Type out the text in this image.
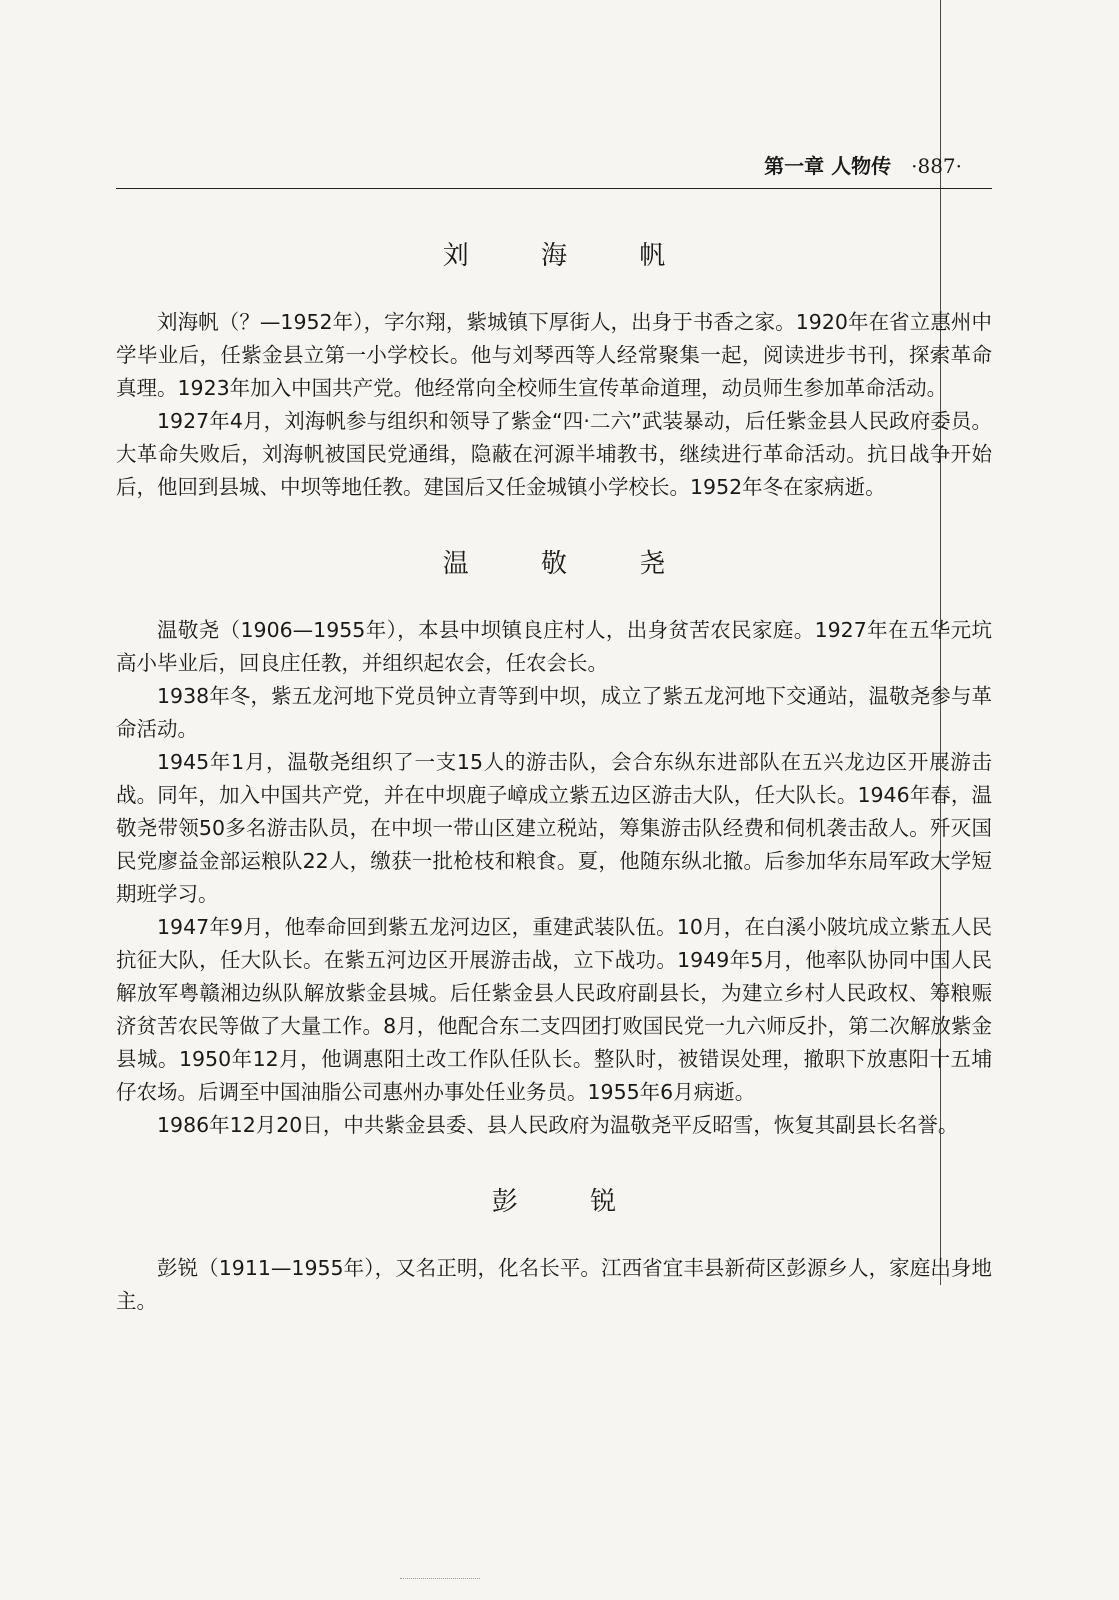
第一章 人物传 ·887·
刘 海 帆

刘海帆（？—1952年），字尔翔，紫城镇下厚街人，出身于书香之家。1920年在省立惠州中学毕业后，任紫金县立第一小学校长。他与刘琴西等人经常聚集一起，阅读进步书刊，探索革命真理。1923年加入中国共产党。他经常向全校师生宣传革命道理，动员师生参加革命活动。

1927年4月，刘海帆参与组织和领导了紫金“四·二六”武装暴动，后任紫金县人民政府委员。大革命失败后，刘海帆被国民党通缉，隐蔽在河源半埔教书，继续进行革命活动。抗日战争开始后，他回到县城、中坝等地任教。建国后又任金城镇小学校长。1952年冬在家病逝。

温 敬 尧

温敬尧（1906—1955年），本县中坝镇良庄村人，出身贫苦农民家庭。1927年在五华元坑高小毕业后，回良庄任教，并组织起农会，任农会长。

1938年冬，紫五龙河地下党员钟立青等到中坝，成立了紫五龙河地下交通站，温敬尧参与革命活动。

1945年1月，温敬尧组织了一支15人的游击队，会合东纵东进部队在五兴龙边区开展游击战。同年，加入中国共产党，并在中坝鹿子嶂成立紫五边区游击大队，任大队长。1946年春，温敬尧带领50多名游击队员，在中坝一带山区建立税站，筹集游击队经费和伺机袭击敌人。歼灭国民党廖益金部运粮队22人，缴获一批枪枝和粮食。夏，他随东纵北撤。后参加华东局军政大学短期班学习。

1947年9月，他奉命回到紫五龙河边区，重建武装队伍。10月，在白溪小陂坑成立紫五人民抗征大队，任大队长。在紫五河边区开展游击战，立下战功。1949年5月，他率队协同中国人民解放军粤赣湘边纵队解放紫金县城。后任紫金县人民政府副县长，为建立乡村人民政权、筹粮赈济贫苦农民等做了大量工作。8月，他配合东二支四团打败国民党一九六师反扑，第二次解放紫金县城。1950年12月，他调惠阳土改工作队任队长。整队时，被错误处理，撤职下放惠阳十五埔仔农场。后调至中国油脂公司惠州办事处任业务员。1955年6月病逝。

1986年12月20日，中共紫金县委、县人民政府为温敬尧平反昭雪，恢复其副县长名誉。

彭 锐

彭锐（1911—1955年），又名正明，化名长平。江西省宜丰县新荷区彭源乡人，家庭出身地主。
